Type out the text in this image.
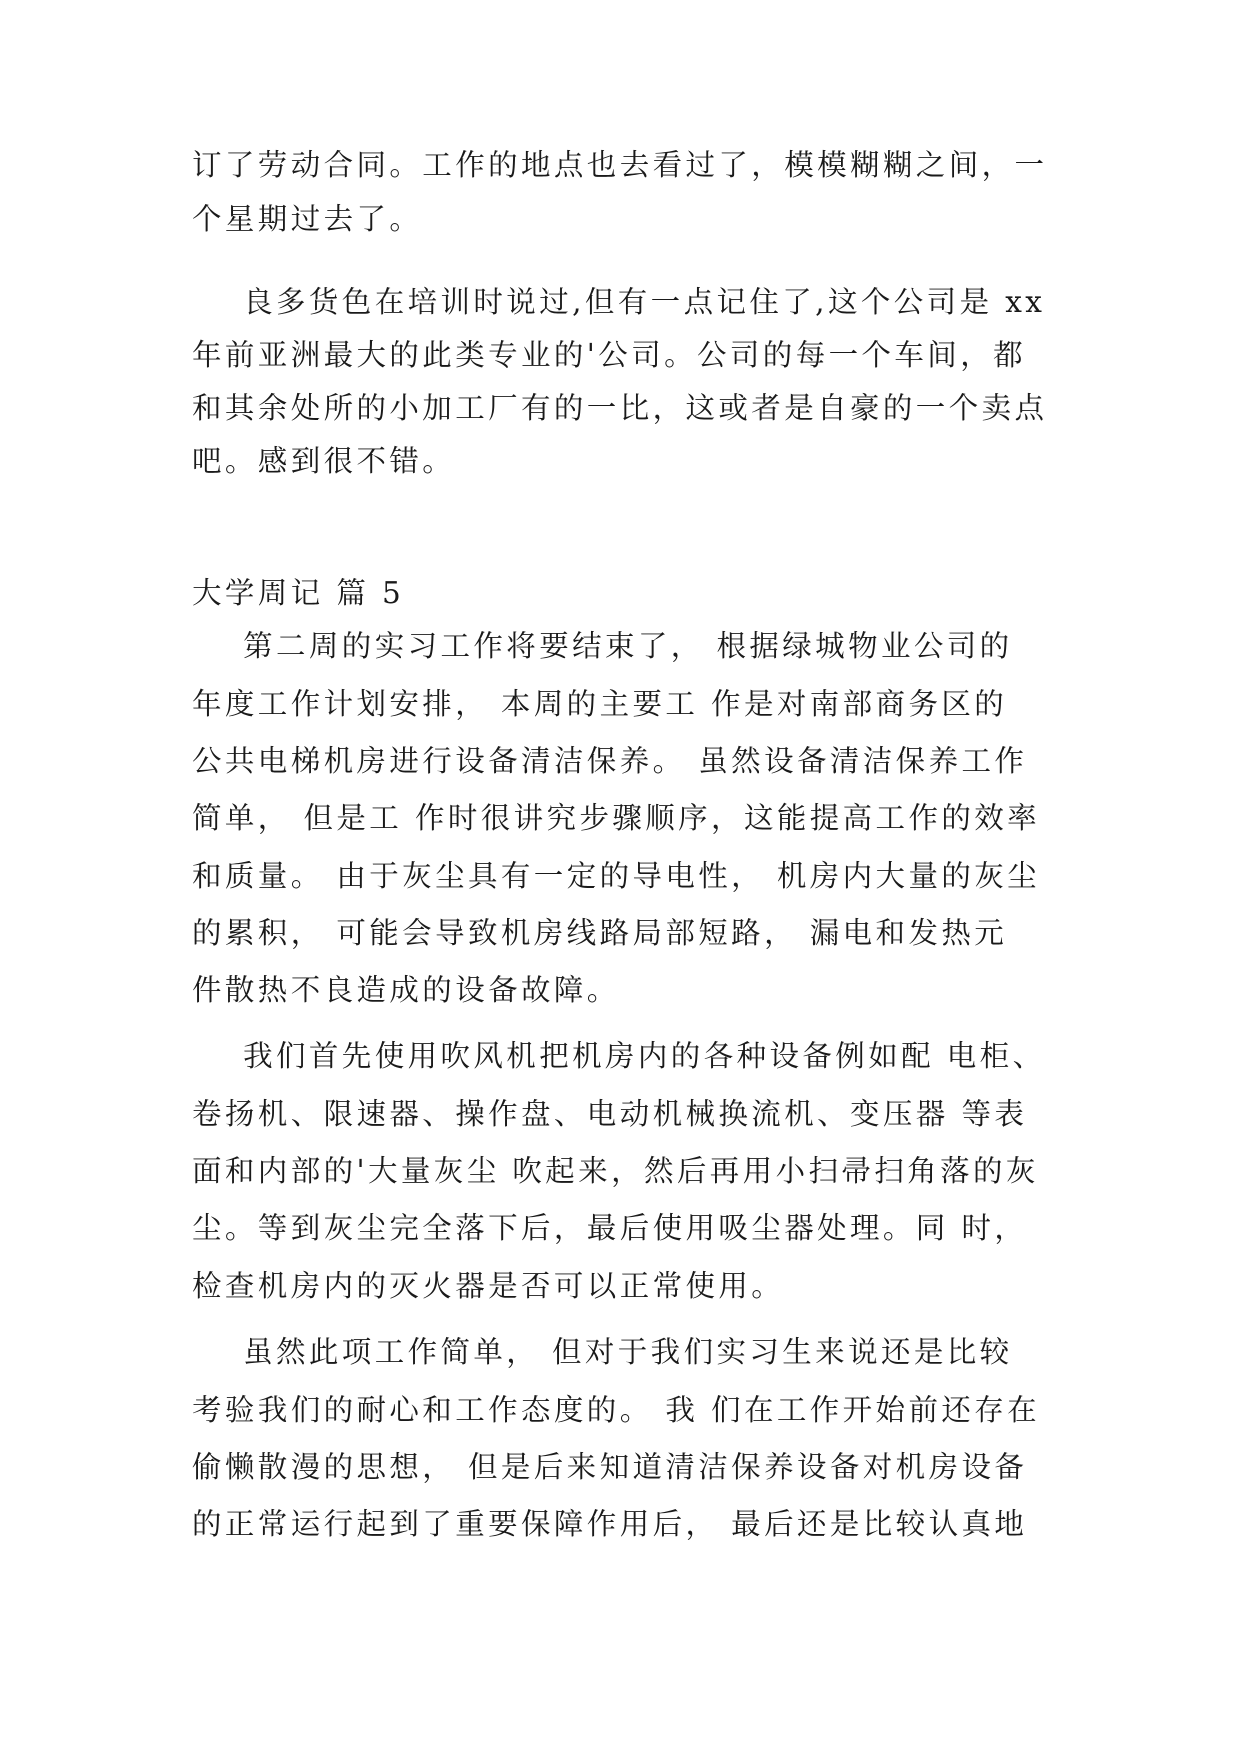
订了劳动合同。工作的地点也去看过了，模模糊糊之间，一
个星期过去了。
良多货色在培训时说过,但有一点记住了,这个公司是 xx
年前亚洲最大的此类专业的'公司。公司的每一个车间，都
和其余处所的小加工厂有的一比，这或者是自豪的一个卖点
吧。感到很不错。
大学周记 篇 5
第二周的实习工作将要结束了， 根据绿城物业公司的
年度工作计划安排， 本周的主要工 作是对南部商务区的
公共电梯机房进行设备清洁保养。 虽然设备清洁保养工作
简单， 但是工 作时很讲究步骤顺序，这能提高工作的效率
和质量。 由于灰尘具有一定的导电性， 机房内大量的灰尘
的累积， 可能会导致机房线路局部短路， 漏电和发热元
件散热不良造成的设备故障。
我们首先使用吹风机把机房内的各种设备例如配 电柜、
卷扬机、限速器、操作盘、电动机械换流机、变压器 等表
面和内部的'大量灰尘 吹起来，然后再用小扫帚扫角落的灰
尘。等到灰尘完全落下后，最后使用吸尘器处理。同 时，
检查机房内的灭火器是否可以正常使用。
虽然此项工作简单， 但对于我们实习生来说还是比较
考验我们的耐心和工作态度的。 我 们在工作开始前还存在
偷懒散漫的思想， 但是后来知道清洁保养设备对机房设备
的正常运行起到了重要保障作用后， 最后还是比较认真地
